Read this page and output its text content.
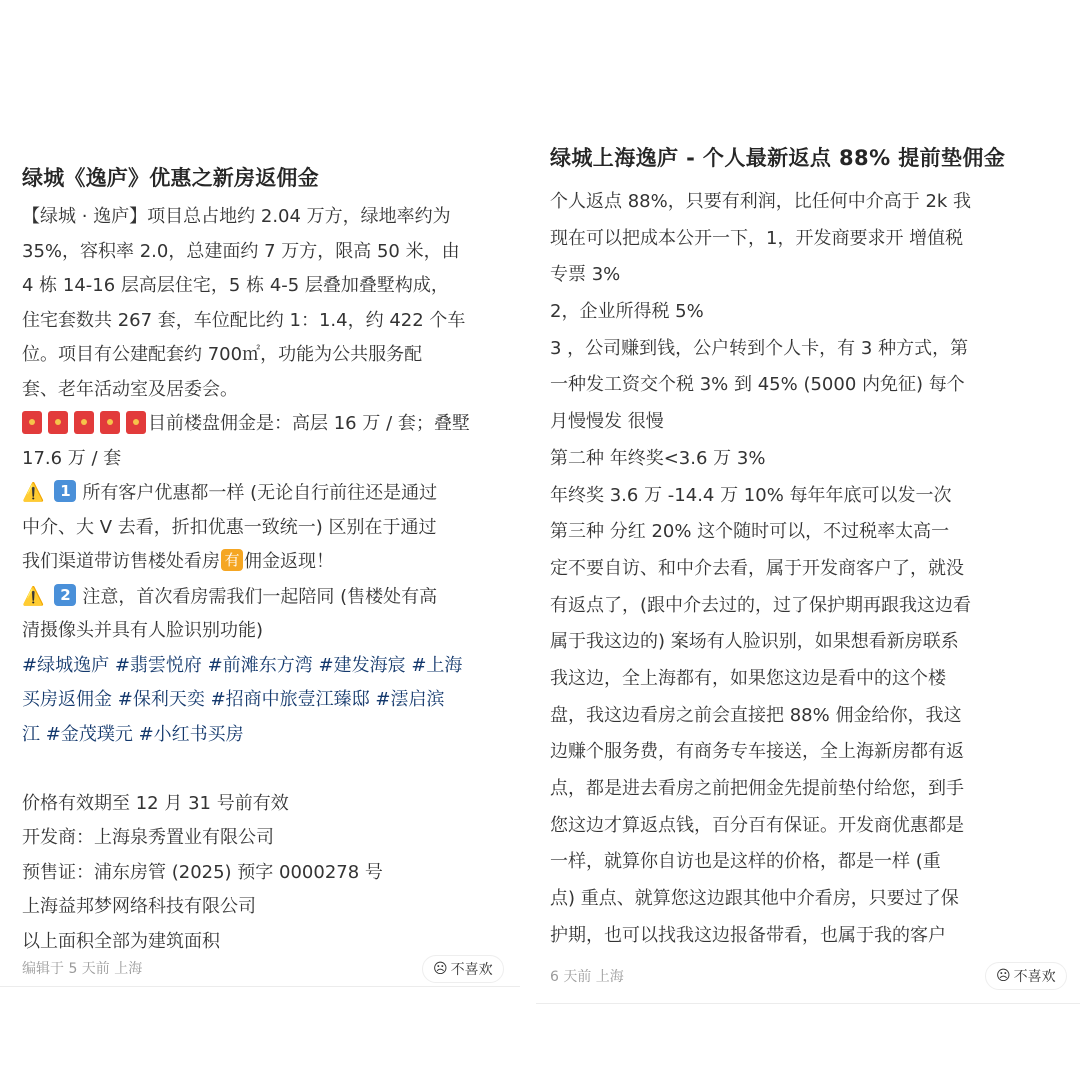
绿城《逸庐》优惠之新房返佣金
【绿城 · 逸庐】项目总占地约 2.04 万方，绿地率约为
35%，容积率 2.0，总建面约 7 万方，限高 50 米，由
4 栋 14-16 层高层住宅，5 栋 4-5 层叠加叠墅构成，
住宅套数共 267 套，车位配比约 1：1.4，约 422 个车
位。项目有公建配套约 700㎡，功能为公共服务配
套、老年活动室及居委会。
目前楼盘佣金是：高层 16 万 / 套；叠墅
17.6 万 / 套
⚠️ 1 所有客户优惠都一样 (无论自行前往还是通过
中介、大 V 去看，折扣优惠一致统一) 区别在于通过
我们渠道带访售楼处看房 有 佣金返现！
⚠️ 2 注意，首次看房需我们一起陪同 (售楼处有高
清摄像头并具有人脸识别功能)
#绿城逸庐 #翡雲悦府 #前滩东方湾 #建发海宸 #上海
买房返佣金 #保利天奕 #招商中旅壹江臻邸 #澐启滨
江 #金茂璞元 #小红书买房
价格有效期至 12 月 31 号前有效
开发商：上海泉秀置业有限公司
预售证：浦东房管 (2025) 预字 0000278 号
上海益邦梦网络科技有限公司
以上面积全部为建筑面积
编辑于 5 天前 上海	☹ 不喜欢
绿城上海逸庐 - 个人最新返点 88% 提前垫佣金
个人返点 88%，只要有利润，比任何中介高于 2k 我
现在可以把成本公开一下，1，开发商要求开 增值税
专票 3%
2，企业所得税 5%
3 ，公司赚到钱，公户转到个人卡，有 3 种方式，第
一种发工资交个税 3% 到 45% (5000 内免征) 每个
月慢慢发 很慢
第二种 年终奖<3.6 万 3%
年终奖 3.6 万 -14.4 万 10% 每年年底可以发一次
第三种 分红 20% 这个随时可以，不过税率太高一
定不要自访、和中介去看，属于开发商客户了，就没
有返点了，(跟中介去过的，过了保护期再跟我这边看
属于我这边的) 案场有人脸识别，如果想看新房联系
我这边，全上海都有，如果您这边是看中的这个楼
盘，我这边看房之前会直接把 88% 佣金给你，我这
边赚个服务费，有商务专车接送，全上海新房都有返
点，都是进去看房之前把佣金先提前垫付给您，到手
您这边才算返点钱，百分百有保证。开发商优惠都是
一样，就算你自访也是这样的价格，都是一样 (重
点) 重点、就算您这边跟其他中介看房，只要过了保
护期，也可以找我这边报备带看，也属于我的客户
6 天前 上海	☹ 不喜欢
